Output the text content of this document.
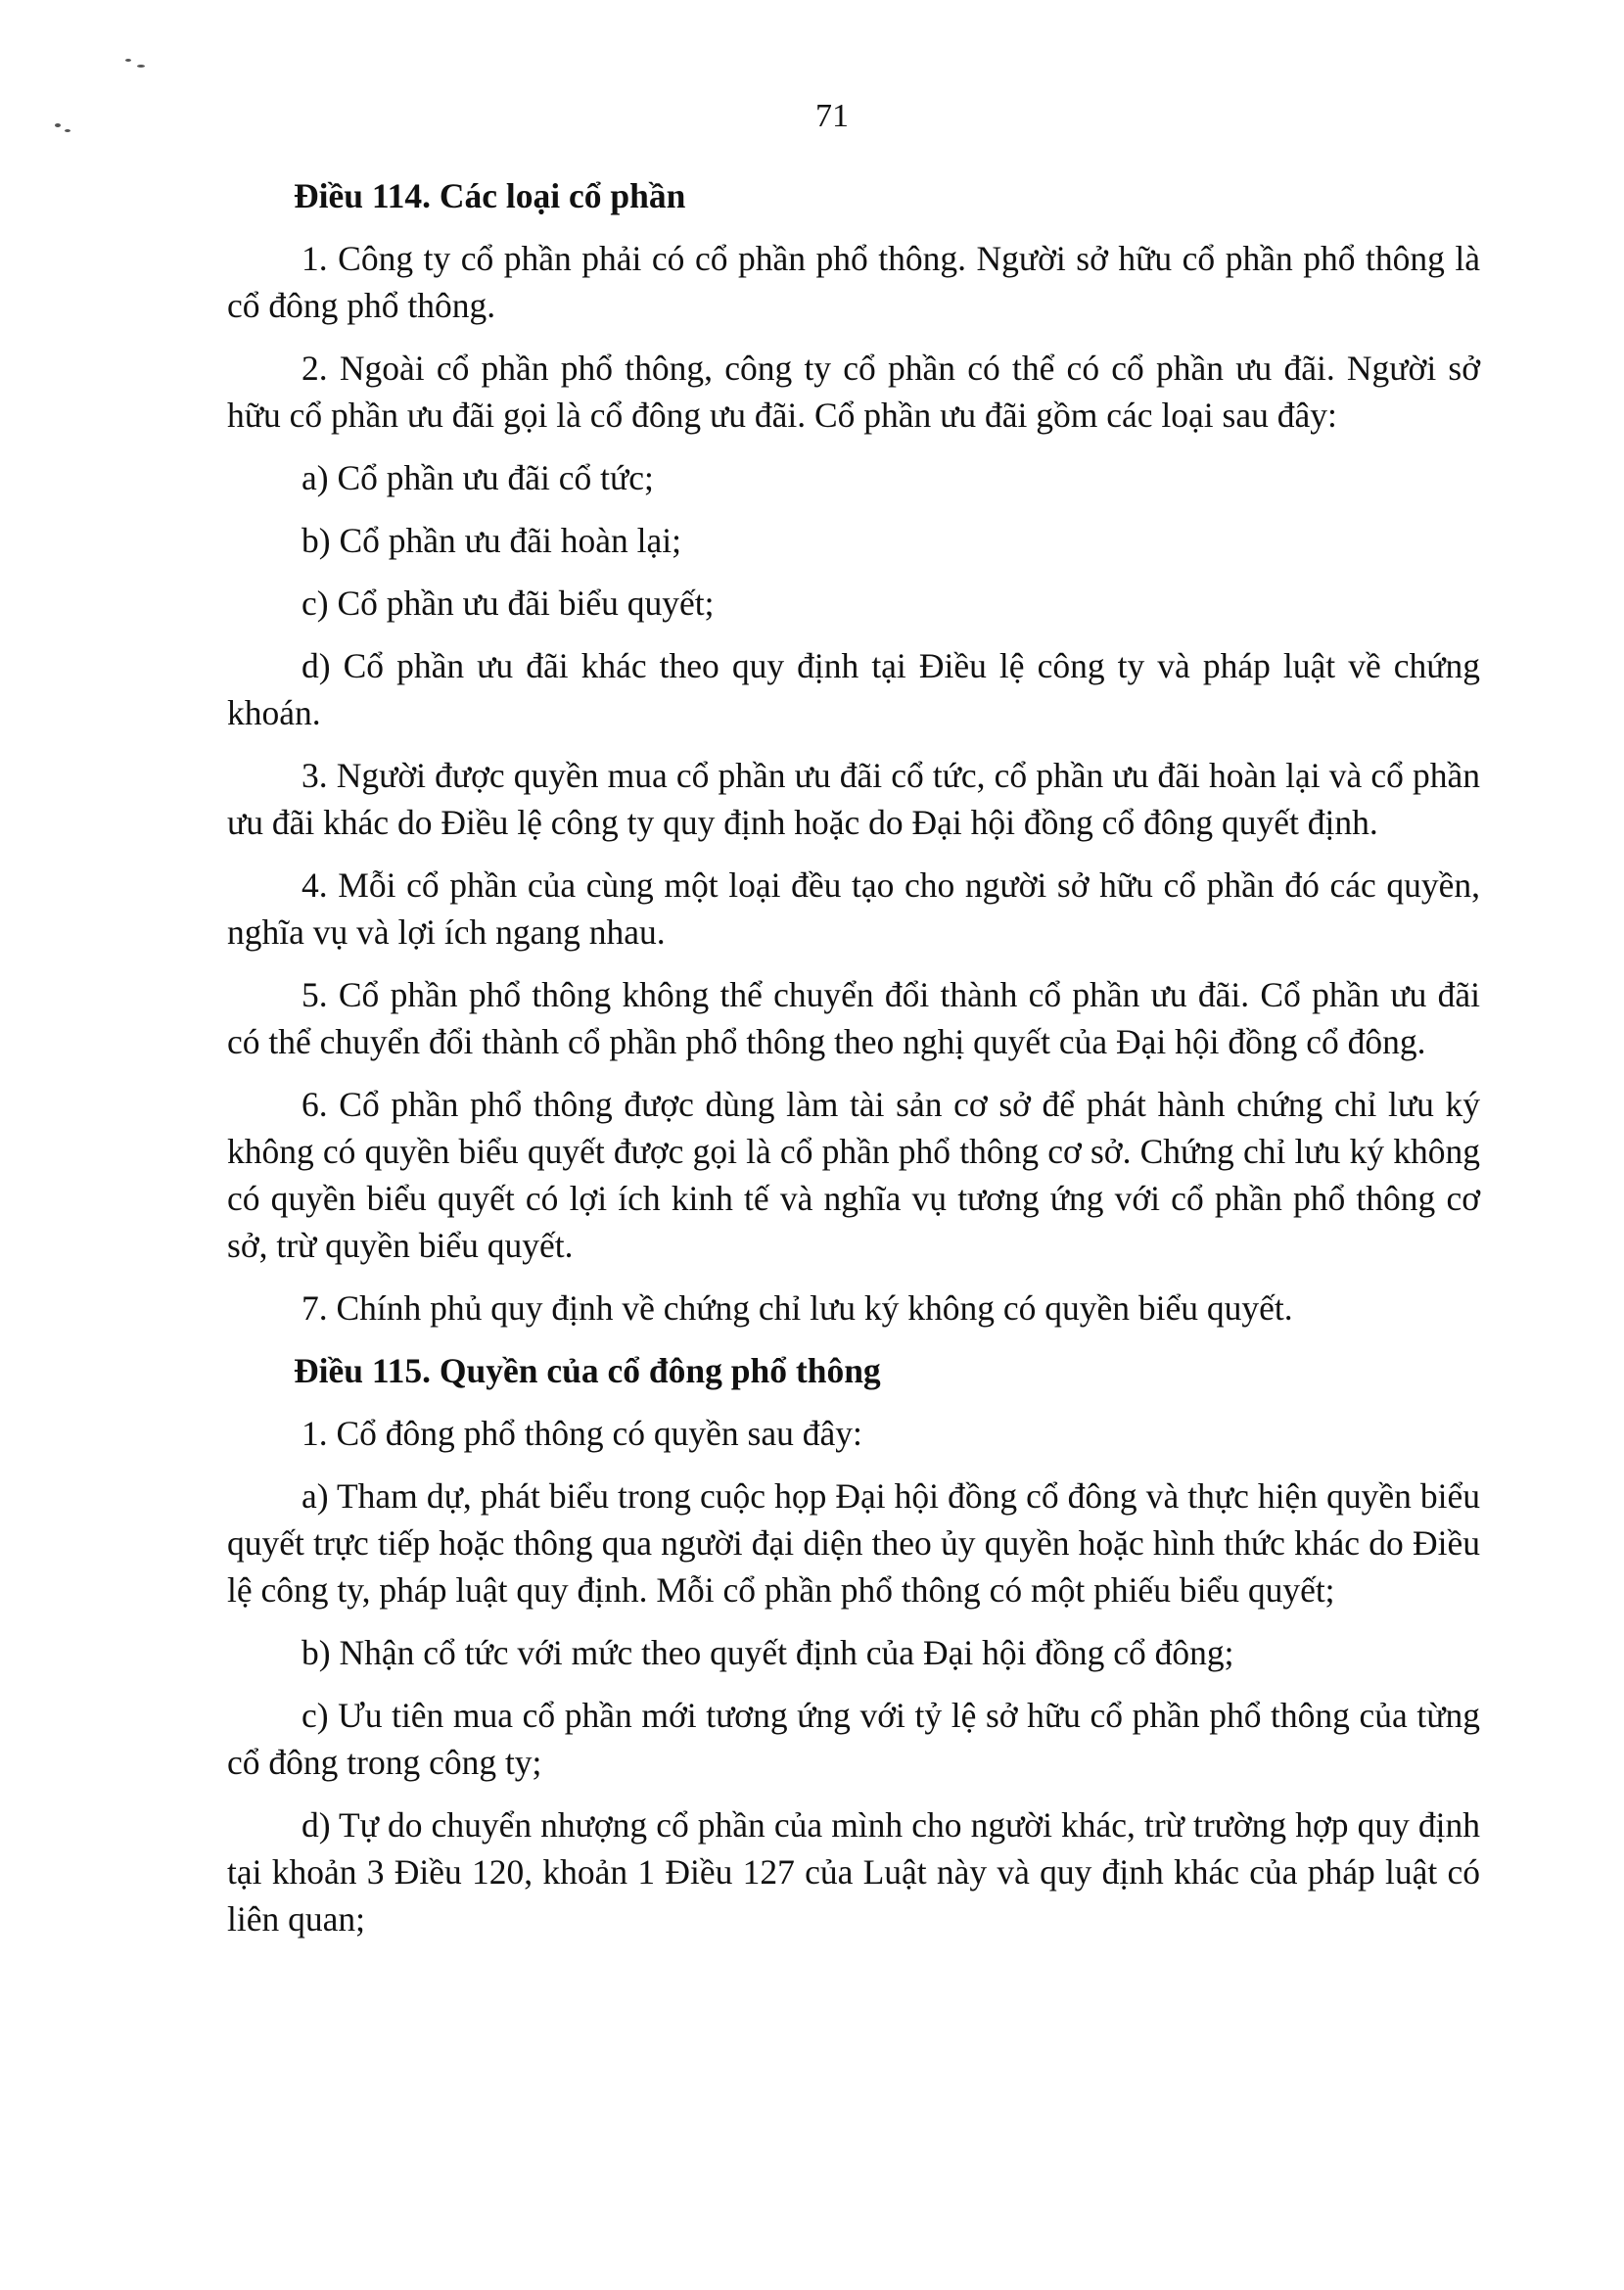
71
Điều 114. Các loại cổ phần

1. Công ty cổ phần phải có cổ phần phổ thông. Người sở hữu cổ phần phổ thông là cổ đông phổ thông.

2. Ngoài cổ phần phổ thông, công ty cổ phần có thể có cổ phần ưu đãi. Người sở hữu cổ phần ưu đãi gọi là cổ đông ưu đãi. Cổ phần ưu đãi gồm các loại sau đây:

a) Cổ phần ưu đãi cổ tức;

b) Cổ phần ưu đãi hoàn lại;

c) Cổ phần ưu đãi biểu quyết;

d) Cổ phần ưu đãi khác theo quy định tại Điều lệ công ty và pháp luật về chứng khoán.

3. Người được quyền mua cổ phần ưu đãi cổ tức, cổ phần ưu đãi hoàn lại và cổ phần ưu đãi khác do Điều lệ công ty quy định hoặc do Đại hội đồng cổ đông quyết định.

4. Mỗi cổ phần của cùng một loại đều tạo cho người sở hữu cổ phần đó các quyền, nghĩa vụ và lợi ích ngang nhau.

5. Cổ phần phổ thông không thể chuyển đổi thành cổ phần ưu đãi. Cổ phần ưu đãi có thể chuyển đổi thành cổ phần phổ thông theo nghị quyết của Đại hội đồng cổ đông.

6. Cổ phần phổ thông được dùng làm tài sản cơ sở để phát hành chứng chỉ lưu ký không có quyền biểu quyết được gọi là cổ phần phổ thông cơ sở. Chứng chỉ lưu ký không có quyền biểu quyết có lợi ích kinh tế và nghĩa vụ tương ứng với cổ phần phổ thông cơ sở, trừ quyền biểu quyết.

7. Chính phủ quy định về chứng chỉ lưu ký không có quyền biểu quyết.

Điều 115. Quyền của cổ đông phổ thông

1. Cổ đông phổ thông có quyền sau đây:

a) Tham dự, phát biểu trong cuộc họp Đại hội đồng cổ đông và thực hiện quyền biểu quyết trực tiếp hoặc thông qua người đại diện theo ủy quyền hoặc hình thức khác do Điều lệ công ty, pháp luật quy định. Mỗi cổ phần phổ thông có một phiếu biểu quyết;

b) Nhận cổ tức với mức theo quyết định của Đại hội đồng cổ đông;

c) Ưu tiên mua cổ phần mới tương ứng với tỷ lệ sở hữu cổ phần phổ thông của từng cổ đông trong công ty;

d) Tự do chuyển nhượng cổ phần của mình cho người khác, trừ trường hợp quy định tại khoản 3 Điều 120, khoản 1 Điều 127 của Luật này và quy định khác của pháp luật có liên quan;
